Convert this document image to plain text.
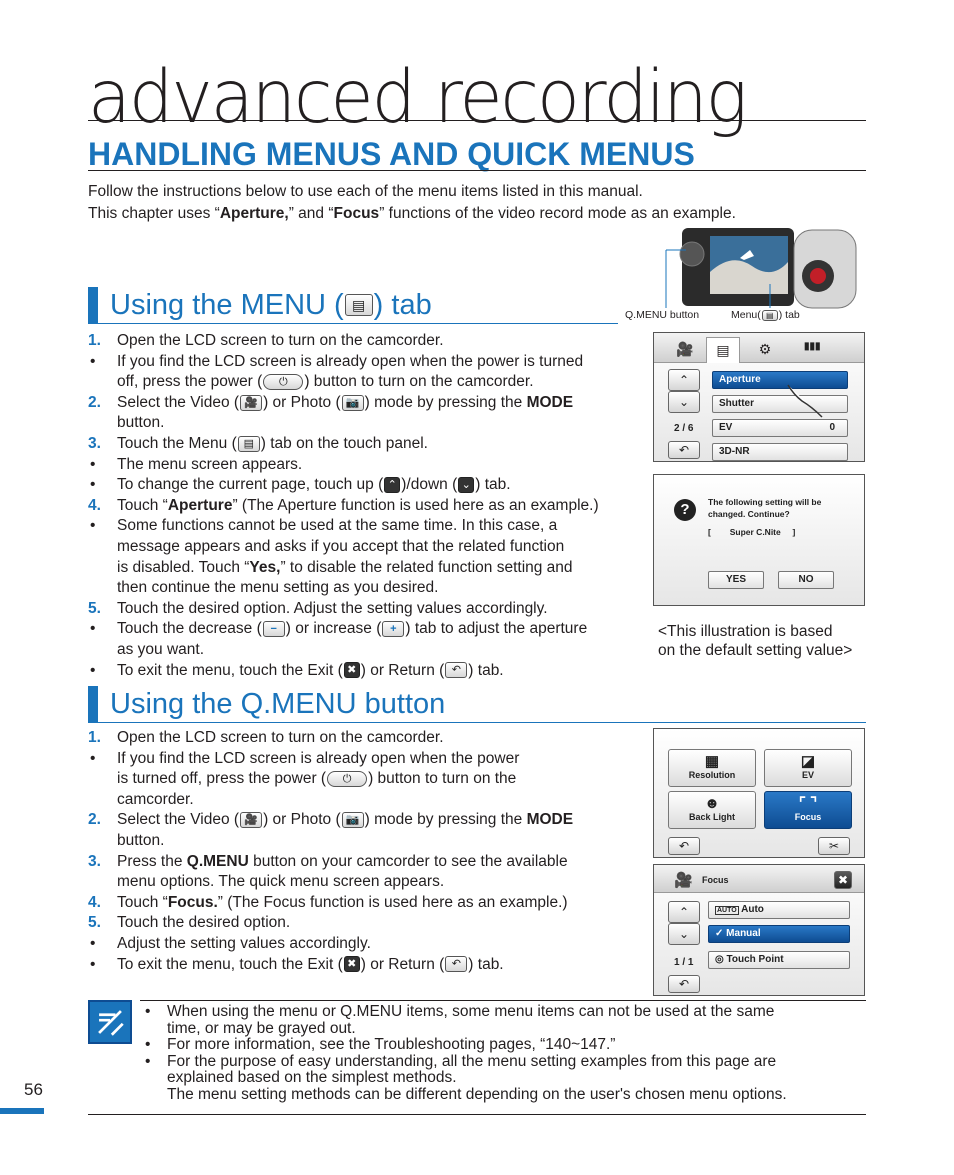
advanced recording
HANDLING MENUS AND QUICK MENUS
Follow the instructions below to use each of the menu items listed in this manual.
This chapter uses “Aperture,” and “Focus” functions of the video record mode as an example.
Q.MENU button	Menu( ▤ ) tab
Using the MENU ( ▤ ) tab
1. Open the LCD screen to turn on the camcorder.
• If you find the LCD screen is already open when the power is turned
off, press the power ( ⏻ ) button to turn on the camcorder.
2. Select the Video ( 🎥 ) or Photo ( 📷 ) mode by pressing the MODE
button.
3. Touch the Menu ( ▤ ) tab on the touch panel.
• The menu screen appears.
• To change the current page, touch up ( ⌃ )/down ( ⌄ ) tab.
4. Touch “Aperture” (The Aperture function is used here as an example.)
• Some functions cannot be used at the same time. In this case, a
message appears and asks if you accept that the related function
is disabled. Touch “Yes,” to disable the related function setting and
then continue the menu setting as you desired.
5. Touch the desired option. Adjust the setting values accordingly.
• Touch the decrease ( − ) or increase ( + ) tab to adjust the aperture
as you want.
• To exit the menu, touch the Exit ( ✖ ) or Return ( ↶ ) tab.
🎥	▤	⚙	▮▮▮
⌃
⌄
2 / 6
↶
Aperture
Shutter
EV	0
3D-NR
?	The following setting will be
changed. Continue?
[        Super C.Nite     ]
YES	NO
<This illustration is based
on the default setting value>
Using the Q.MENU button
1. Open the LCD screen to turn on the camcorder.
• If you find the LCD screen is already open when the power
is turned off, press the power ( ⏻ ) button to turn on the
camcorder.
2. Select the Video ( 🎥 ) or Photo ( 📷 ) mode by pressing the MODE
button.
3. Press the Q.MENU button on your camcorder to see the available
menu options. The quick menu screen appears.
4. Touch “Focus.” (The Focus function is used here as an example.)
5. Touch the desired option.
• Adjust the setting values accordingly.
• To exit the menu, touch the Exit ( ✖ ) or Return ( ↶ ) tab.
▦
Resolution
◪
EV
☻
Back Light
⌜ ⌝
Focus
↶	✂
🎥 Focus	✖
⌃
⌄
1 / 1
↶
AUTO Auto
✓ Manual
◎ Touch Point
• When using the menu or Q.MENU items, some menu items can not be used at the same
time, or may be grayed out.
• For more information, see the Troubleshooting pages, “140~147.”
• For the purpose of easy understanding, all the menu setting examples from this page are
explained based on the simplest methods.
The menu setting methods can be different depending on the user's chosen menu options.
56
